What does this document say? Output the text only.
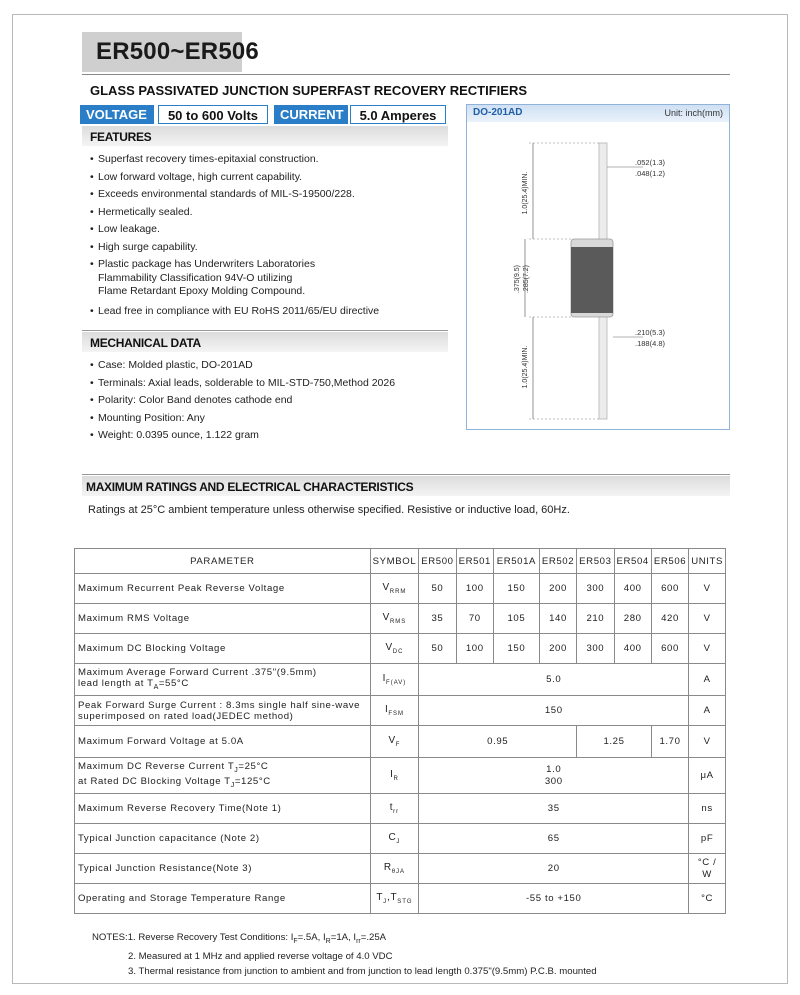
ER500~ER506
GLASS PASSIVATED JUNCTION SUPERFAST RECOVERY RECTIFIERS
VOLTAGE	50 to 600 Volts	CURRENT	5.0 Amperes
FEATURES
• Superfast recovery times-epitaxial construction.
• Low forward voltage, high current capability.
• Exceeds environmental standards of MIL-S-19500/228.
• Hermetically sealed.
• Low leakage.
• High surge capability.
• Plastic package has Underwriters Laboratories
Flammability Classification 94V-O utilizing
Flame Retardant Epoxy Molding Compound.
• Lead free in compliance with EU RoHS 2011/65/EU directive
MECHANICAL DATA
• Case: Molded plastic, DO-201AD
• Terminals: Axial leads, solderable to MIL-STD-750,Method 2026
• Polarity: Color Band denotes cathode end
• Mounting Position: Any
• Weight: 0.0395 ounce, 1.122 gram
DO-201AD	Unit: inch(mm)
1.0(25.4)MIN.
.375(9.5) .285(7.2)
1.0(25.4)MIN.
.052(1.3)
.048(1.2)
.210(5.3)
.188(4.8)
MAXIMUM RATINGS AND ELECTRICAL CHARACTERISTICS
Ratings at 25°C ambient temperature unless otherwise specified. Resistive or inductive load, 60Hz.
PARAMETER	SYMBOL	ER500	ER501	ER501A	ER502	ER503	ER504	ER506	UNITS
Maximum Recurrent Peak Reverse Voltage	$V_{RRM}$	50	100	150	200	300	400	600	V
Maximum RMS Voltage	$V_{RMS}$	35	70	105	140	210	280	420	V
Maximum DC Blocking Voltage	$V_{DC}$	50	100	150	200	300	400	600	V
Maximum Average Forward Current .375"(9.5mm)
lead length at $T_A=55^\circ C$	$I_{F(AV)}$	5.0							A
Peak Forward Surge Current : 8.3ms single half sine-wave
superimposed on rated load(JEDEC method)	$I_{FSM}$	150							A
Maximum Forward Voltage at 5.0A	$V_F$	0.95				1.25		1.70	V
Maximum DC Reverse Current $T_J=25^\circ C$
at Rated DC Blocking Voltage $T_J=125^\circ C$	$I_R$	1.0
300							μA
Maximum Reverse Recovery Time(Note 1)	$t_{rr}$	35							ns
Typical Junction capacitance (Note 2)	$C_J$	65							pF
Typical Junction Resistance(Note 3)	$R_{\theta JA}$	20							°C /
W
Operating and Storage Temperature Range	$T_J,T_{STG}$	-55 to +150							°C
NOTES:1. Reverse Recovery Test Conditions: $I_F=.5A$, $I_R=1A$, $I_{rr}=.25A$
2. Measured at 1 MHz and applied reverse voltage of 4.0 VDC
3. Thermal resistance from junction to ambient and from junction to lead length 0.375"(9.5mm) P.C.B. mounted
